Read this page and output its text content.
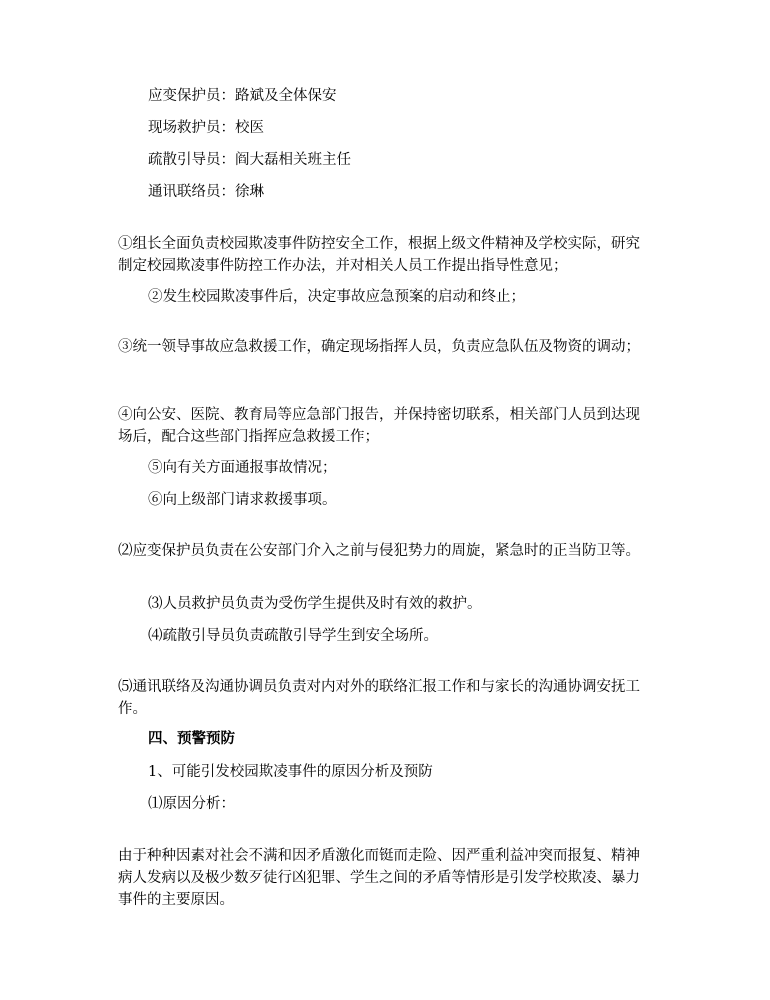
应变保护员：路斌及全体保安

现场救护员：校医

疏散引导员：阎大磊相关班主任

通讯联络员：徐琳

①组长全面负责校园欺凌事件防控安全工作，根据上级文件精神及学校实际，研究制定校园欺凌事件防控工作办法，并对相关人员工作提出指导性意见；

②发生校园欺凌事件后，决定事故应急预案的启动和终止；

③统一领导事故应急救援工作，确定现场指挥人员，负责应急队伍及物资的调动；

④向公安、医院、教育局等应急部门报告，并保持密切联系，相关部门人员到达现场后，配合这些部门指挥应急救援工作；

⑤向有关方面通报事故情况；

⑥向上级部门请求救援事项。

⑵应变保护员负责在公安部门介入之前与侵犯势力的周旋，紧急时的正当防卫等。

⑶人员救护员负责为受伤学生提供及时有效的救护。

⑷疏散引导员负责疏散引导学生到安全场所。

⑸通讯联络及沟通协调员负责对内对外的联络汇报工作和与家长的沟通协调安抚工作。

四、预警预防

1、可能引发校园欺凌事件的原因分析及预防

⑴原因分析：

由于种种因素对社会不满和因矛盾激化而铤而走险、因严重利益冲突而报复、精神病人发病以及极少数歹徒行凶犯罪、学生之间的矛盾等情形是引发学校欺凌、暴力事件的主要原因。
